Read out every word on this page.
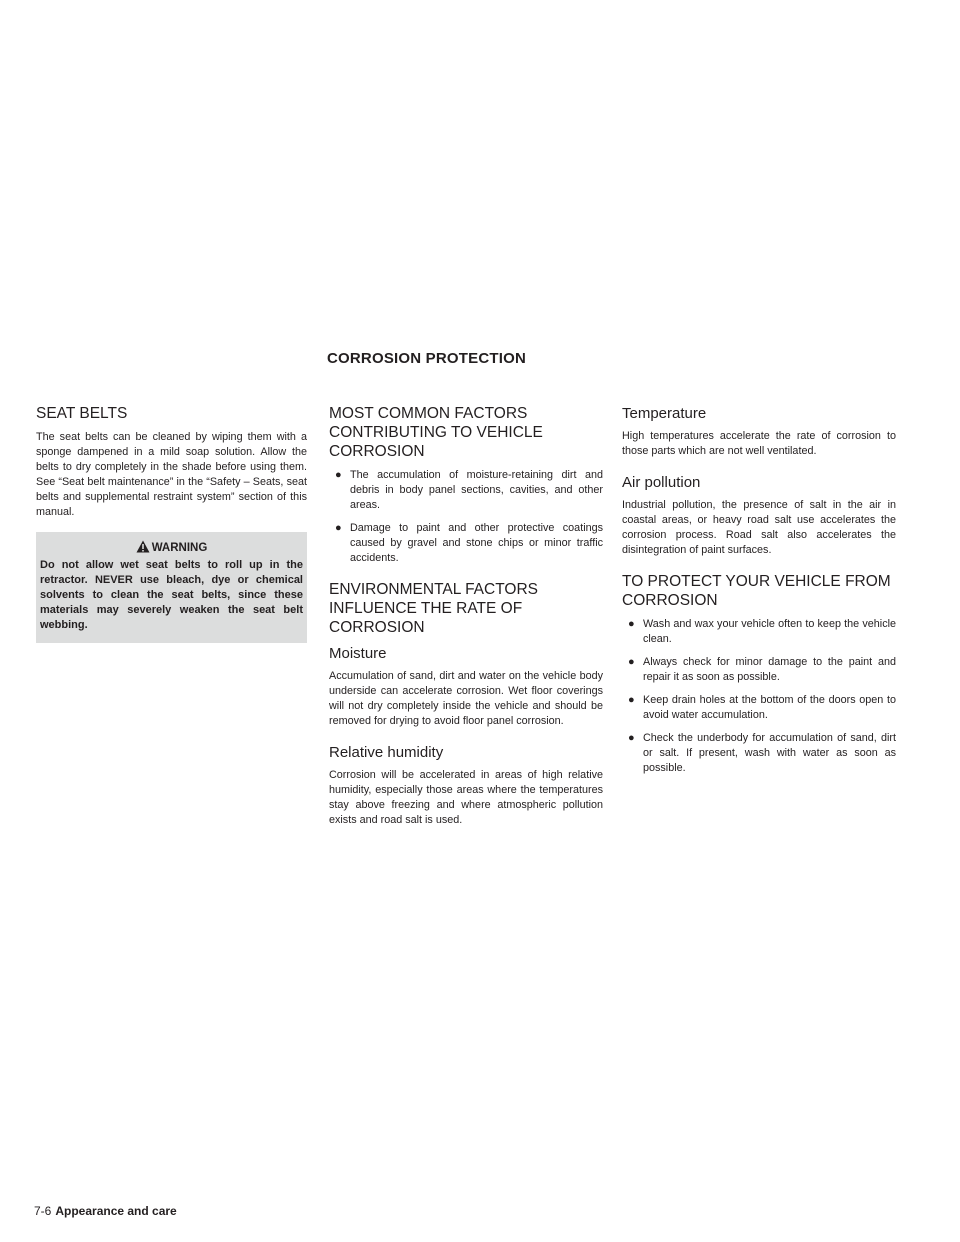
CORROSION PROTECTION
SEAT BELTS

The seat belts can be cleaned by wiping them with a sponge dampened in a mild soap solution. Allow the belts to dry completely in the shade before using them. See “Seat belt maintenance” in the “Safety – Seats, seat belts and supplemental restraint system” section of this manual.

WARNING
Do not allow wet seat belts to roll up in the retractor. NEVER use bleach, dye or chemical solvents to clean the seat belts, since these materials may severely weaken the seat belt webbing.
MOST COMMON FACTORS CONTRIBUTING TO VEHICLE CORROSION
● The accumulation of moisture-retaining dirt and debris in body panel sections, cavities, and other areas.
● Damage to paint and other protective coatings caused by gravel and stone chips or minor traffic accidents.
ENVIRONMENTAL FACTORS INFLUENCE THE RATE OF CORROSION
Moisture

Accumulation of sand, dirt and water on the vehicle body underside can accelerate corrosion. Wet floor coverings will not dry completely inside the vehicle and should be removed for drying to avoid floor panel corrosion.

Relative humidity

Corrosion will be accelerated in areas of high relative humidity, especially those areas where the temperatures stay above freezing and where atmospheric pollution exists and road salt is used.

Temperature

High temperatures accelerate the rate of corrosion to those parts which are not well ventilated.

Air pollution

Industrial pollution, the presence of salt in the air in coastal areas, or heavy road salt use accelerates the corrosion process. Road salt also accelerates the disintegration of paint surfaces.

TO PROTECT YOUR VEHICLE FROM CORROSION
● Wash and wax your vehicle often to keep the vehicle clean.
● Always check for minor damage to the paint and repair it as soon as possible.
● Keep drain holes at the bottom of the doors open to avoid water accumulation.
● Check the underbody for accumulation of sand, dirt or salt. If present, wash with water as soon as possible.
7-6 Appearance and care
